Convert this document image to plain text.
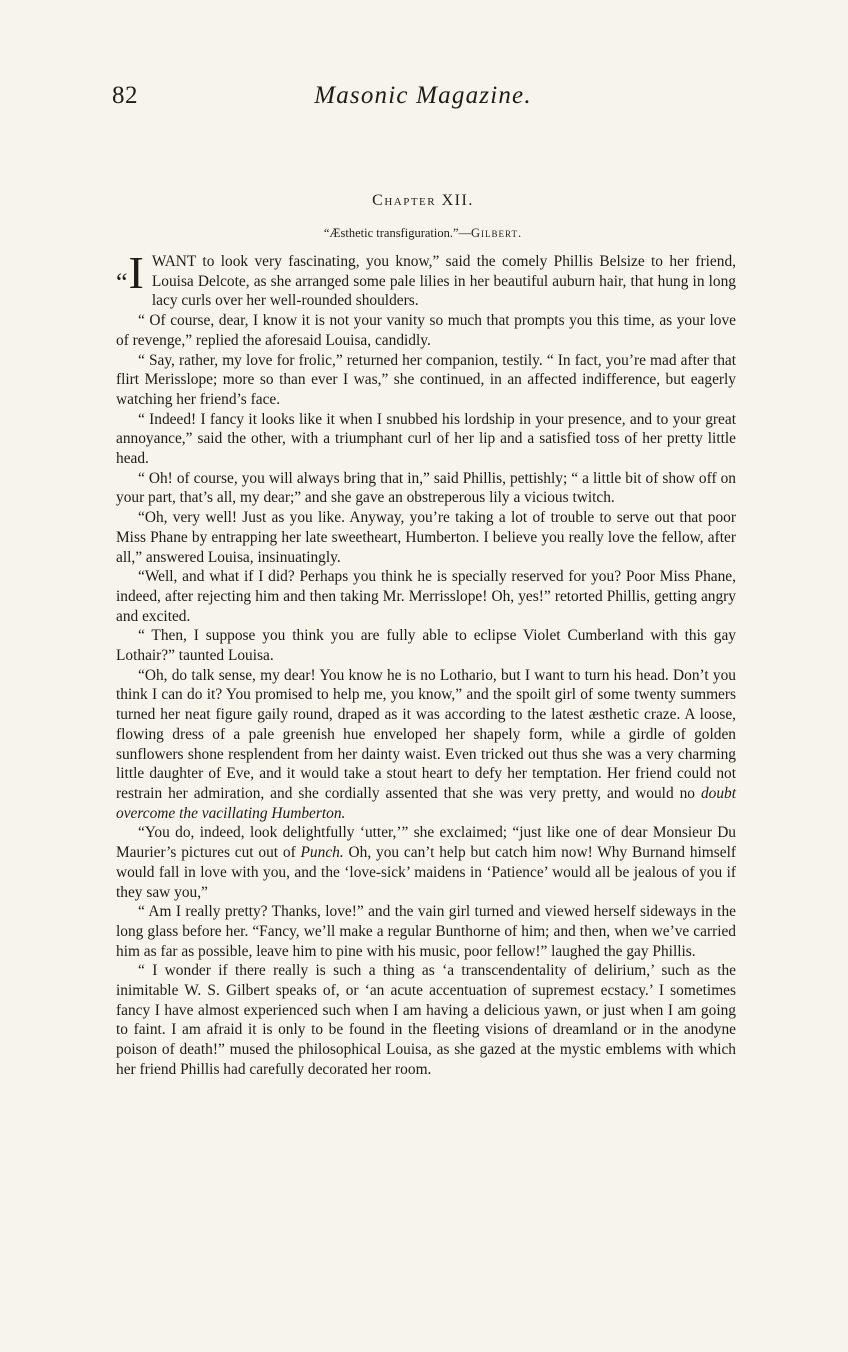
82	Masonic Magazine.
Chapter XII.
“Æsthetic transfiguration.”—Gilbert.

“I WANT to look very fascinating, you know,” said the comely Phillis Belsize to her friend, Louisa Delcote, as she arranged some pale lilies in her beautiful auburn hair, that hung in long lacy curls over her well-rounded shoulders.

“ Of course, dear, I know it is not your vanity so much that prompts you this time, as your love of revenge,” replied the aforesaid Louisa, candidly.

“ Say, rather, my love for frolic,” returned her companion, testily. “ In fact, you’re mad after that flirt Merisslope; more so than ever I was,” she continued, in an affected indifference, but eagerly watching her friend’s face.

“ Indeed! I fancy it looks like it when I snubbed his lordship in your presence, and to your great annoyance,” said the other, with a triumphant curl of her lip and a satisfied toss of her pretty little head.

“ Oh! of course, you will always bring that in,” said Phillis, pettishly; “ a little bit of show off on your part, that’s all, my dear;” and she gave an obstreperous lily a vicious twitch.

“Oh, very well! Just as you like. Anyway, you’re taking a lot of trouble to serve out that poor Miss Phane by entrapping her late sweetheart, Humberton. I believe you really love the fellow, after all,” answered Louisa, insinuatingly.

“Well, and what if I did? Perhaps you think he is specially reserved for you? Poor Miss Phane, indeed, after rejecting him and then taking Mr. Merrisslope! Oh, yes!” retorted Phillis, getting angry and excited.

“ Then, I suppose you think you are fully able to eclipse Violet Cumberland with this gay Lothair?” taunted Louisa.

“Oh, do talk sense, my dear! You know he is no Lothario, but I want to turn his head. Don’t you think I can do it? You promised to help me, you know,” and the spoilt girl of some twenty summers turned her neat figure gaily round, draped as it was according to the latest æsthetic craze. A loose, flowing dress of a pale greenish hue enveloped her shapely form, while a girdle of golden sunflowers shone resplendent from her dainty waist. Even tricked out thus she was a very charming little daughter of Eve, and it would take a stout heart to defy her temptation. Her friend could not restrain her admiration, and she cordially assented that she was very pretty, and would no doubt overcome the vacillating Humberton.

“You do, indeed, look delightfully ‘utter,’” she exclaimed; “just like one of dear Monsieur Du Maurier’s pictures cut out of Punch. Oh, you can’t help but catch him now! Why Burnand himself would fall in love with you, and the ‘love-sick’ maidens in ‘Patience’ would all be jealous of you if they saw you,”

“ Am I really pretty? Thanks, love!” and the vain girl turned and viewed herself sideways in the long glass before her. “Fancy, we’ll make a regular Bunthorne of him; and then, when we’ve carried him as far as possible, leave him to pine with his music, poor fellow!” laughed the gay Phillis.

“ I wonder if there really is such a thing as ‘a transcendentality of delirium,’ such as the inimitable W. S. Gilbert speaks of, or ‘an acute accentuation of supremest ecstacy.’ I sometimes fancy I have almost experienced such when I am having a delicious yawn, or just when I am going to faint. I am afraid it is only to be found in the fleeting visions of dreamland or in the anodyne poison of death!” mused the philosophical Louisa, as she gazed at the mystic emblems with which her friend Phillis had carefully decorated her room.
